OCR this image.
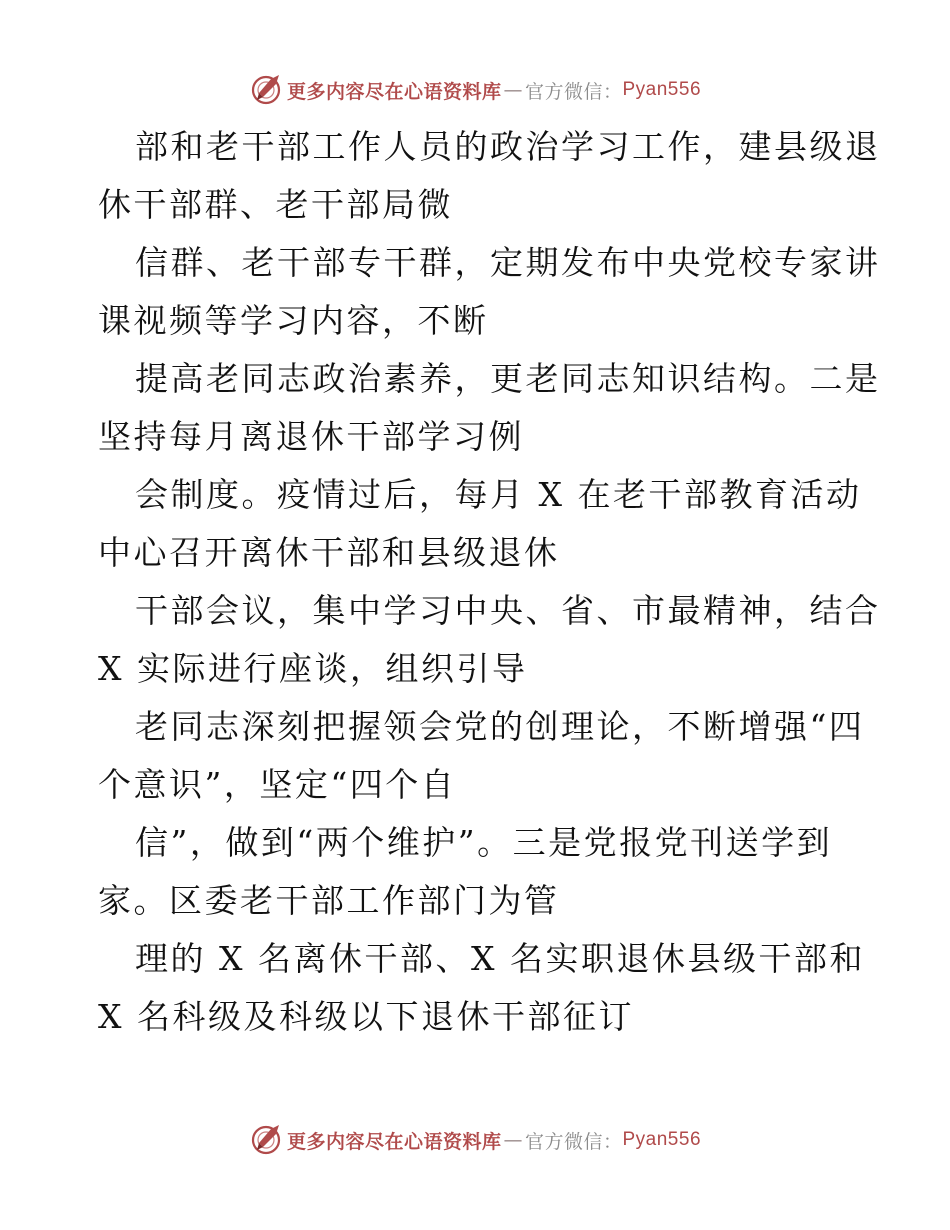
更多内容尽在心语资料库 — 官方微信： Pyan556
部和老干部工作人员的政治学习工作，建县级退
休干部群、老干部局微
信群、老干部专干群，定期发布中央党校专家讲
课视频等学习内容，不断
提高老同志政治素养，更老同志知识结构。二是
坚持每月离退休干部学习例
会制度。疫情过后，每月 X 在老干部教育活动
中心召开离休干部和县级退休
干部会议，集中学习中央、省、市最精神，结合
X 实际进行座谈，组织引导
老同志深刻把握领会党的创理论，不断增强“四
个意识”，坚定“四个自
信”，做到“两个维护”。三是党报党刊送学到
家。区委老干部工作部门为管
理的 X 名离休干部、X 名实职退休县级干部和
X 名科级及科级以下退休干部征订
更多内容尽在心语资料库 — 官方微信： Pyan556
